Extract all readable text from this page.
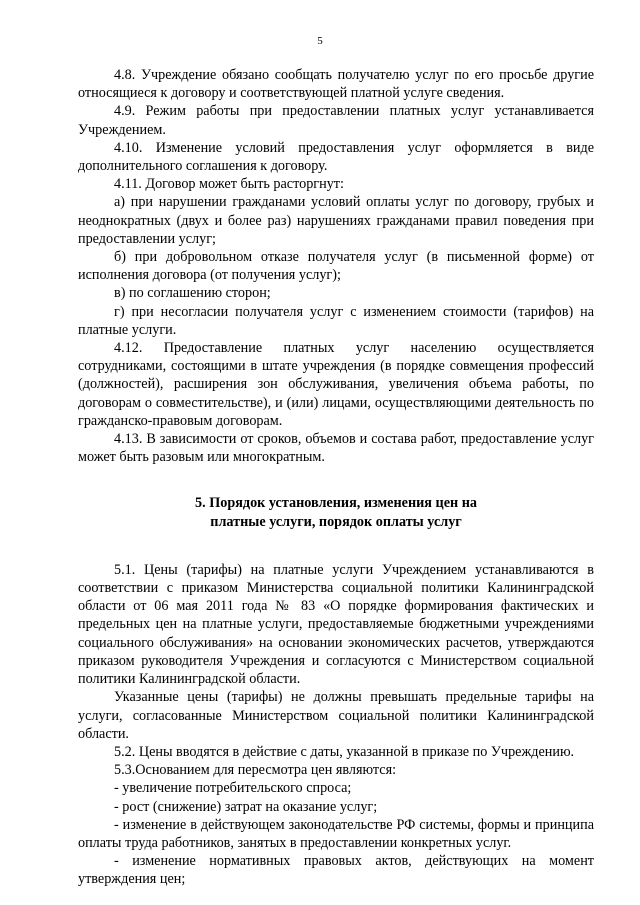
5

4.8. Учреждение обязано сообщать получателю услуг по его просьбе другие относящиеся к договору и соответствующей платной услуге сведения.

4.9. Режим работы при предоставлении платных услуг устанавливается Учреждением.

4.10. Изменение условий предоставления услуг оформляется в виде дополнительного соглашения к договору.

4.11. Договор может быть расторгнут:

а) при нарушении гражданами условий оплаты услуг по договору, грубых и неоднократных (двух и более раз) нарушениях гражданами правил поведения при предоставлении услуг;

б) при добровольном отказе получателя услуг (в письменной форме) от исполнения договора (от получения услуг);

в) по соглашению сторон;

г) при несогласии получателя услуг с изменением стоимости (тарифов) на платные услуги.

4.12. Предоставление платных услуг населению осуществляется сотрудниками, состоящими в штате учреждения (в порядке совмещения профессий (должностей), расширения зон обслуживания, увеличения объема работы, по договорам о совместительстве), и (или) лицами, осуществляющими деятельность по гражданско-правовым договорам.

4.13. В зависимости от сроков, объемов и состава работ, предоставление услуг может быть разовым или многократным.

5. Порядок установления, изменения цен на
платные услуги, порядок оплаты услуг

5.1. Цены (тарифы) на платные услуги Учреждением устанавливаются в соответствии с приказом Министерства социальной политики Калининградской области от 06 мая 2011 года № 83 «О порядке формирования фактических и предельных цен на платные услуги, предоставляемые бюджетными учреждениями социального обслуживания» на основании экономических расчетов, утверждаются приказом руководителя Учреждения и согласуются с Министерством социальной политики Калининградской области.

Указанные цены (тарифы) не должны превышать предельные тарифы на услуги, согласованные Министерством социальной политики Калининградской области.

5.2. Цены вводятся в действие с даты, указанной в приказе по Учреждению.

5.3.Основанием для пересмотра цен являются:

- увеличение потребительского спроса;

- рост (снижение) затрат на оказание услуг;

- изменение в действующем законодательстве РФ системы, формы и принципа оплаты труда работников, занятых в предоставлении конкретных услуг.

- изменение нормативных правовых актов, действующих на момент утверждения цен;
